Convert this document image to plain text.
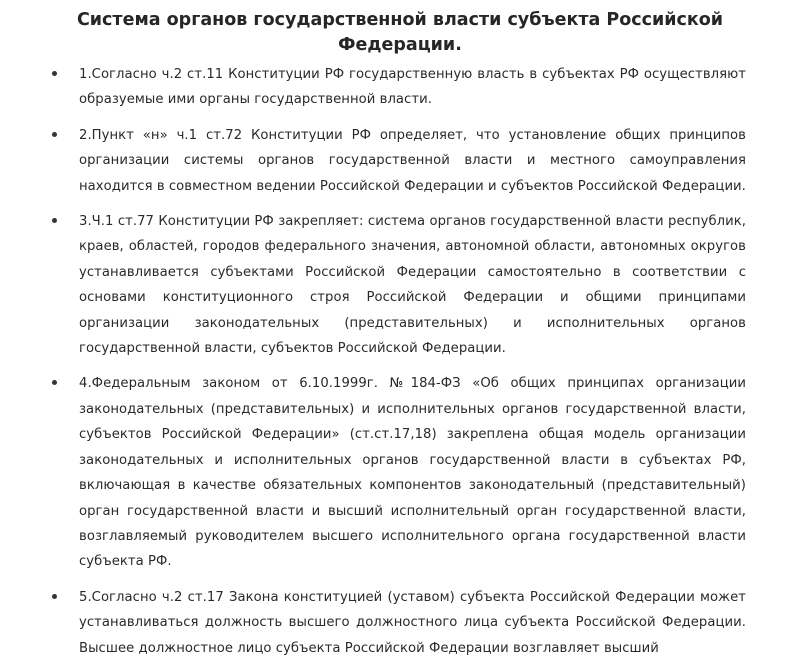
Система органов государственной власти субъекта Российской Федерации.
1.Согласно ч.2 ст.11 Конституции РФ государственную власть в субъектах РФ осуществляют образуемые ими органы государственной власти.
2.Пункт «н» ч.1 ст.72 Конституции РФ определяет, что установление общих принципов организации системы органов государственной власти и местного самоуправления находится в совместном ведении Российской Федерации и субъектов Российской Федерации.
3.Ч.1 ст.77 Конституции РФ закрепляет: система органов государственной власти республик, краев, областей, городов федерального значения, автономной области, автономных округов устанавливается субъектами Российской Федерации самостоятельно в соответствии с основами конституционного строя Российской Федерации и общими принципами организации законодательных (представительных) и исполнительных органов государственной власти, субъектов Российской Федерации.
4.Федеральным законом от 6.10.1999г. №184-ФЗ «Об общих принципах организации законодательных (представительных) и исполнительных органов государственной власти, субъектов Российской Федерации» (ст.ст.17,18) закреплена общая модель организации законодательных и исполнительных органов государственной власти в субъектах РФ, включающая в качестве обязательных компонентов законодательный (представительный) орган государственной власти и высший исполнительный орган государственной власти, возглавляемый руководителем высшего исполнительного органа государственной власти субъекта РФ.
5.Согласно ч.2 ст.17 Закона конституцией (уставом) субъекта Российской Федерации может устанавливаться должность высшего должностного лица субъекта Российской Федерации. Высшее должностное лицо субъекта Российской Федерации возглавляет высший
